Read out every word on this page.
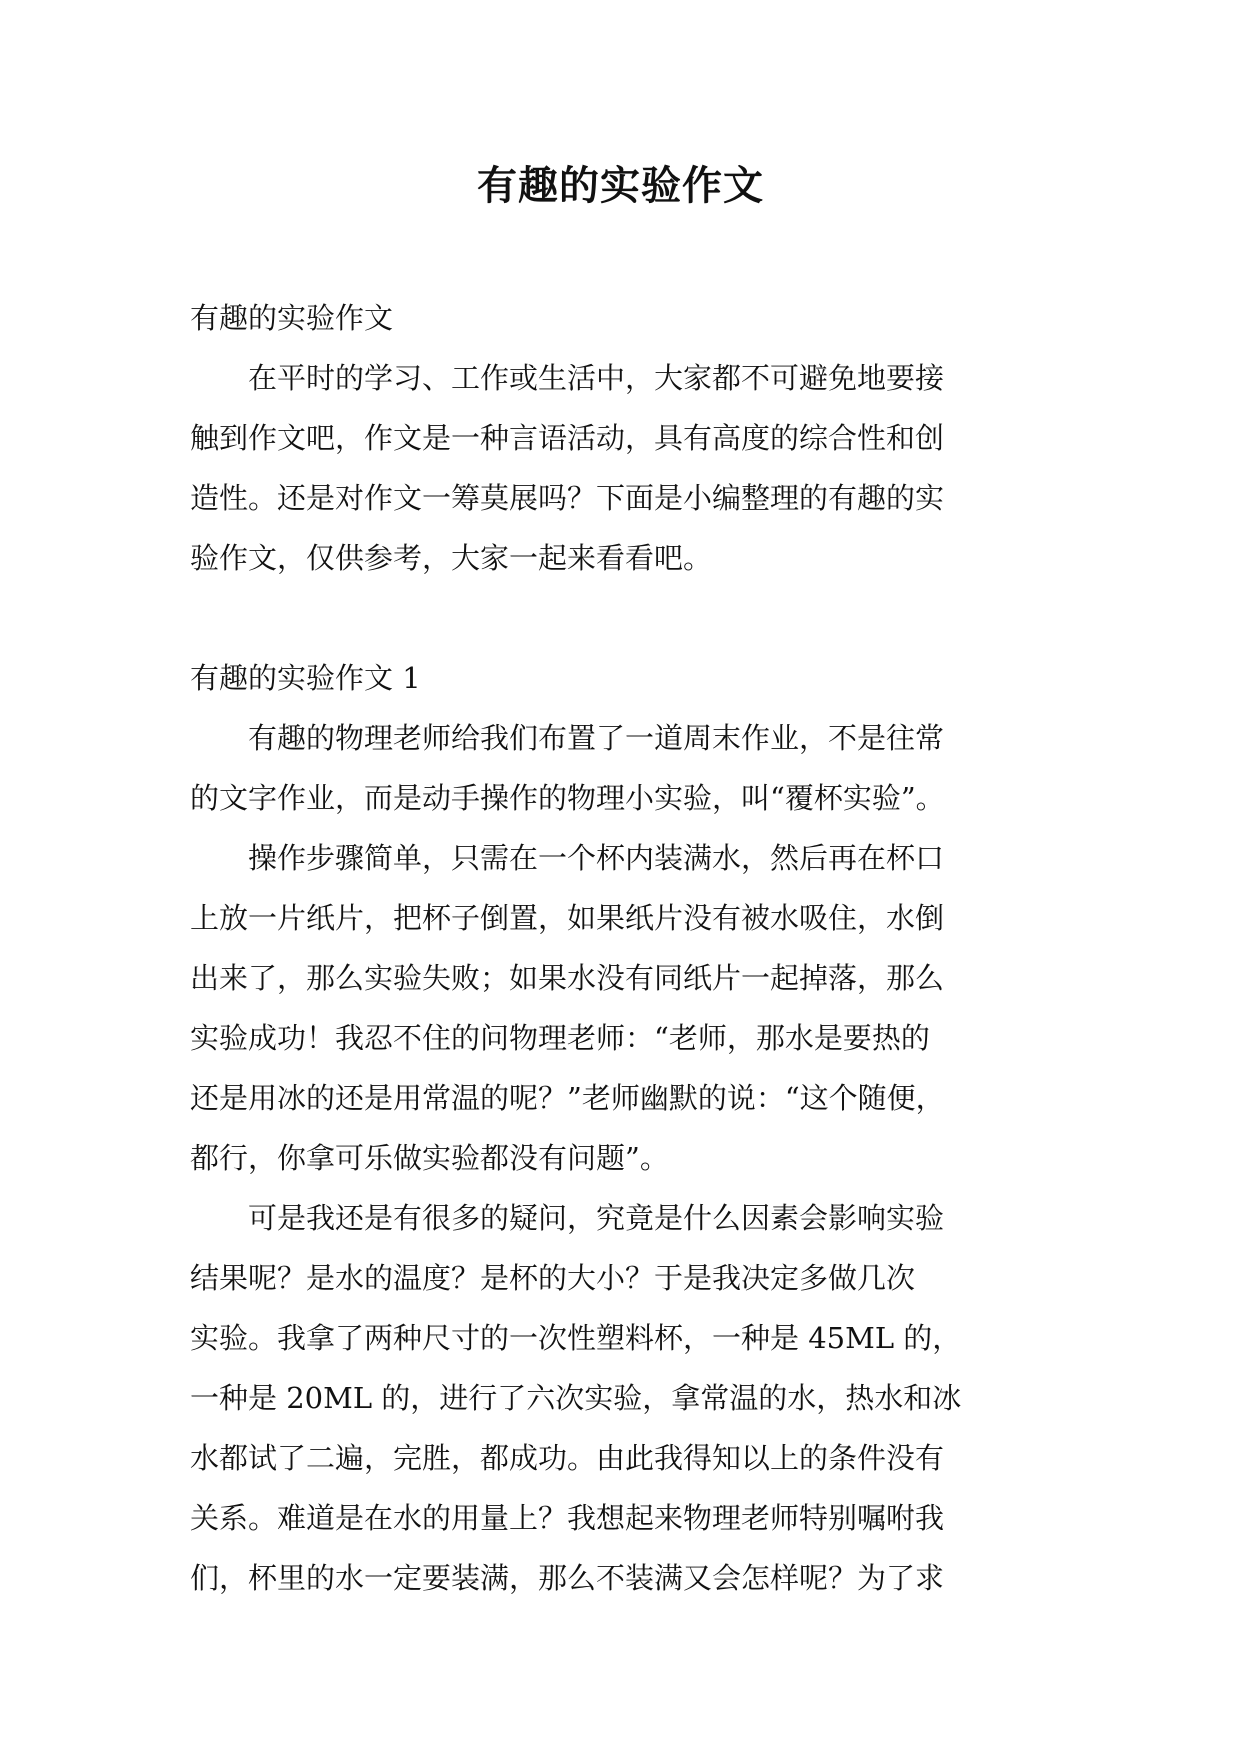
有趣的实验作文

有趣的实验作文

　　在平时的学习、工作或生活中，大家都不可避免地要接

触到作文吧，作文是一种言语活动，具有高度的综合性和创

造性。还是对作文一筹莫展吗？下面是小编整理的有趣的实

验作文，仅供参考，大家一起来看看吧。

有趣的实验作文 1

　　有趣的物理老师给我们布置了一道周末作业，不是往常

的文字作业，而是动手操作的物理小实验，叫“覆杯实验”。

　　操作步骤简单，只需在一个杯内装满水，然后再在杯口

上放一片纸片，把杯子倒置，如果纸片没有被水吸住，水倒

出来了，那么实验失败；如果水没有同纸片一起掉落，那么

实验成功！我忍不住的问物理老师：“老师，那水是要热的

还是用冰的还是用常温的呢？”老师幽默的说：“这个随便，

都行，你拿可乐做实验都没有问题”。

　　可是我还是有很多的疑问，究竟是什么因素会影响实验

结果呢？是水的温度？是杯的大小？于是我决定多做几次

实验。我拿了两种尺寸的一次性塑料杯，一种是 45ML 的，

一种是 20ML 的，进行了六次实验，拿常温的水，热水和冰

水都试了二遍，完胜，都成功。由此我得知以上的条件没有

关系。难道是在水的用量上？我想起来物理老师特别嘱咐我

们，杯里的水一定要装满，那么不装满又会怎样呢？为了求
